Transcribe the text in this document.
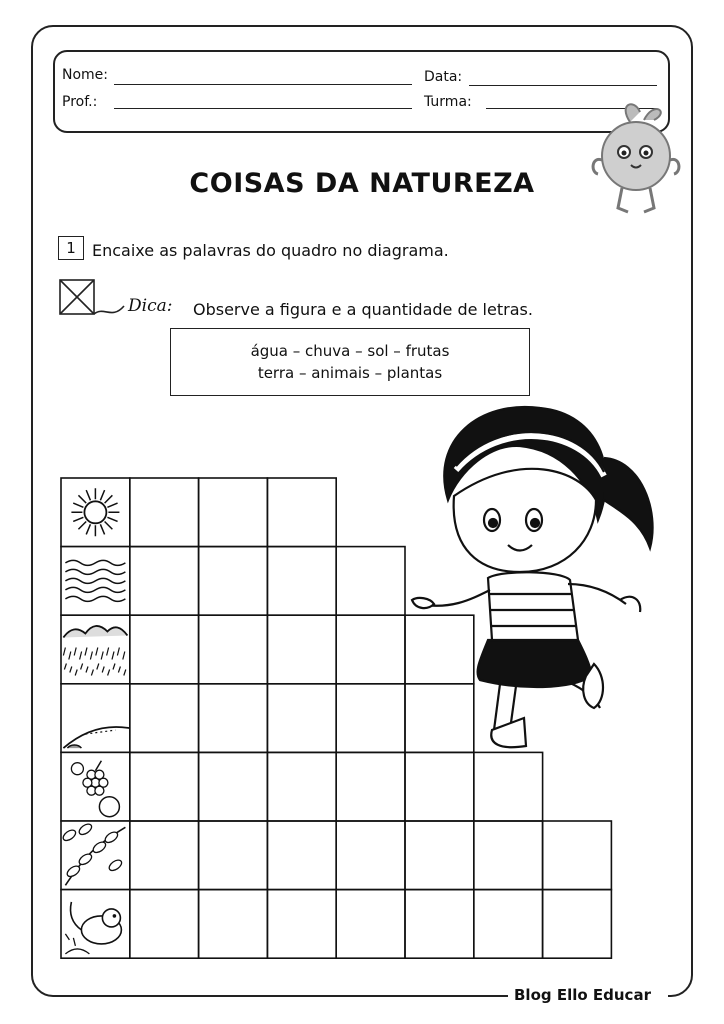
Blog Ello Educar
Nome:	Data:
Prof.:	Turma:
COISAS DA NATUREZA
1	Encaixe as palavras do quadro no diagrama.
Dica: Observe a figura e a quantidade de letras.
água – chuva – sol – frutas
terra – animais – plantas
